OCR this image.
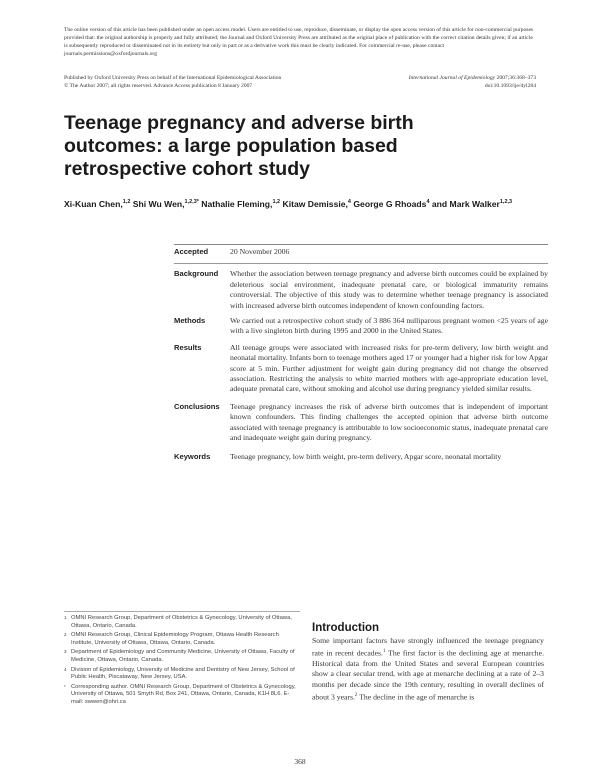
The online version of this article has been published under an open access model. Users are entitled to use, reproduce, disseminate, or display the open access version of this article for non-commercial purposes provided that: the original authorship is properly and fully attributed; the Journal and Oxford University Press are attributed as the original place of publication with the correct citation details given; if an article is subsequently reproduced or disseminated not in its entirety but only in part or as a derivative work this must be clearly indicated. For commercial re-use, please contact journals.permissions@oxfordjournals.org
Published by Oxford University Press on behalf of the International Epidemiological Association	International Journal of Epidemiology 2007;36:368–373
© The Author 2007; all rights reserved. Advance Access publication 8 January 2007	doi:10.1093/ije/dyl284
Teenage pregnancy and adverse birth outcomes: a large population based retrospective cohort study
Xi-Kuan Chen,$^{1,2}$ Shi Wu Wen,$^{1,2,3*}$ Nathalie Fleming,$^{1,2}$ Kitaw Demissie,$^4$ George G Rhoads$^4$ and Mark Walker$^{1,2,3}$
Accepted	20 November 2006
Background	Whether the association between teenage pregnancy and adverse birth outcomes could be explained by deleterious social environment, inadequate prenatal care, or biological immaturity remains controversial. The objective of this study was to determine whether teenage pregnancy is associated with increased adverse birth outcomes independent of known confounding factors.
Methods	We carried out a retrospective cohort study of 3 886 364 nulliparous pregnant women <25 years of age with a live singleton birth during 1995 and 2000 in the United States.
Results	All teenage groups were associated with increased risks for pre-term delivery, low birth weight and neonatal mortality. Infants born to teenage mothers aged 17 or younger had a higher risk for low Apgar score at 5 min. Further adjustment for weight gain during pregnancy did not change the observed association. Restricting the analysis to white married mothers with age-appropriate education level, adequate prenatal care, without smoking and alcohol use during pregnancy yielded similar results.
Conclusions	Teenage pregnancy increases the risk of adverse birth outcomes that is independent of important known confounders. This finding challenges the accepted opinion that adverse birth outcome associated with teenage pregnancy is attributable to low socioeconomic status, inadequate prenatal care and inadequate weight gain during pregnancy.
Keywords	Teenage pregnancy, low birth weight, pre-term delivery, Apgar score, neonatal mortality
1 OMNI Research Group, Department of Obstetrics & Gynecology, University of Ottawa, Ottawa, Ontario, Canada.
2 OMNI Research Group, Clinical Epidemiology Program, Ottawa Health Research Institute, University of Ottawa, Ottawa, Ontario, Canada.
3 Department of Epidemiology and Community Medicine, University of Ottawa, Faculty of Medicine, Ottawa, Ontario, Canada.
4 Division of Epidemiology, University of Medicine and Dentistry of New Jersey, School of Public Health, Piscataway, New Jersey, USA.
* Corresponding author. OMNI Research Group, Department of Obstetrics & Gynecology, University of Ottawa, 501 Smyth Rd, Box 241, Ottawa, Ontario, Canada, K1H 8L6. E-mail: swwen@ohri.ca
Introduction
Some important factors have strongly influenced the teenage pregnancy rate in recent decades.$^1$ The first factor is the declining age at menarche. Historical data from the United States and several European countries show a clear secular trend, with age at menarche declining at a rate of 2–3 months per decade since the 19th century, resulting in overall declines of about 3 years.$^2$ The decline in the age of menarche is
368
